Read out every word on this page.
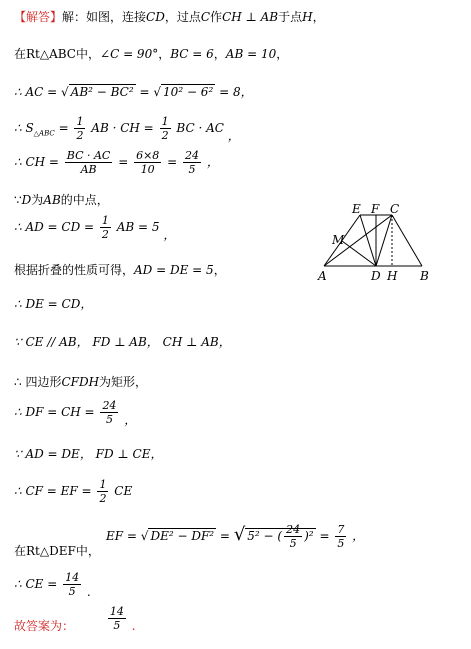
【解答】解：如图，连接CD，过点C作CH ⊥ AB于点H，
在Rt△ABC中，∠C = 90°，BC = 6，AB = 10，
∴ AC = √ AB² − BC² = √ 10² − 6² = 8，
∴ $S_{\triangle ABC} = \frac{1}{2}$ AB · CH = $\frac{1}{2}$ BC · AC ，
∴ CH = $\frac{BC \cdot AC}{AB} = \frac{6\times 8}{10} = \frac{24}{5}$ ，
∵D为AB的中点，
∴ AD = CD = $\frac{1}{2}$ AB = 5 ，
根据折叠的性质可得，AD = DE = 5，
∴ DE = CD，
∵ CE // AB， FD ⊥ AB， CH ⊥ AB，
∴ 四边形CFDH为矩形，
∴ DF = CH = $\frac{24}{5}$ ，
∵ AD = DE， FD ⊥ CE，
∴ CF = EF = $\frac{1}{2}$ CE
在Rt△DEF中，
EF = √ DE² − DF² = √ 5² − ( $\frac{24}{5} )^2 = \frac{7}{5}$ ，
∴ CE = $\frac{14}{5}$ .
故答案为：	$\frac{14}{5}$ .
E F C
M
A	D H B
